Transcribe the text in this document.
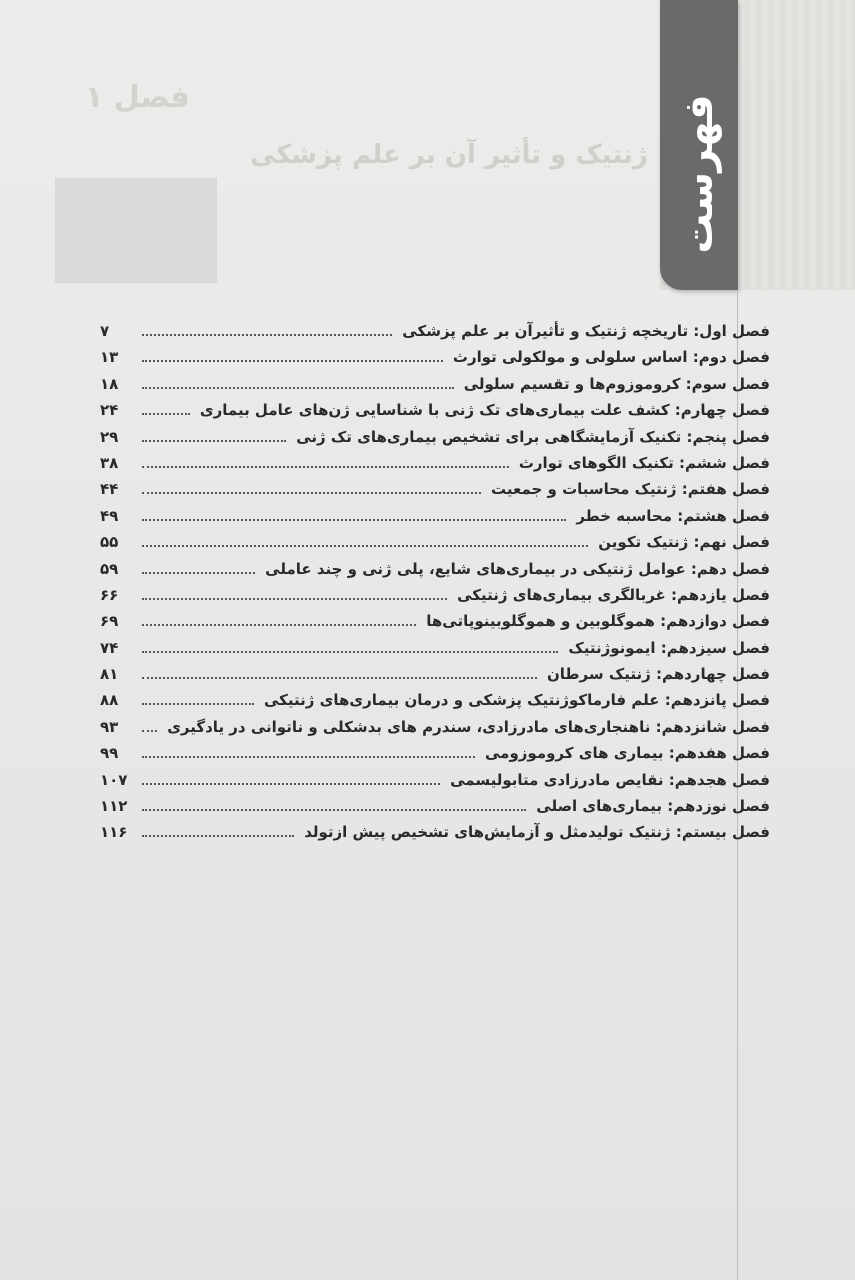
فصل ۱
ژنتیک و تأثیر آن بر علم پزشکی فهرست
فصل اول: تاریخچه ژنتیک و تأثیرآن بر علم پزشکی
۷
فصل دوم: اساس سلولی و مولکولی توارث
۱۳
فصل سوم: کروموزوم‌ها و تقسیم سلولی
۱۸
فصل چهارم: کشف علت بیماری‌های تک ژنی با شناسایی ژن‌های عامل بیماری
۲۴
فصل پنجم: تکنیک آزمایشگاهی برای تشخیص بیماری‌های تک ژنی
۲۹
فصل ششم: تکنیک الگوهای توارث
۳۸
فصل هفتم: ژنتیک محاسبات و جمعیت
۴۴
فصل هشتم: محاسبه خطر
۴۹
فصل نهم: ژنتیک تکوین
۵۵
فصل دهم: عوامل ژنتیکی در بیماری‌های شایع، پلی ژنی و چند عاملی
۵۹
فصل یازدهم: غربالگری بیماری‌های ژنتیکی
۶۶
فصل دوازدهم: هموگلوبین و هموگلوبینوپاتی‌ها
۶۹
فصل سیزدهم: ایمونوژنتیک
۷۴
فصل چهاردهم: ژنتیک سرطان
۸۱
فصل پانزدهم: علم فارماکوژنتیک پزشکی و درمان بیماری‌های ژنتیکی
۸۸
فصل شانزدهم: ناهنجاری‌های مادرزادی، سندرم های بدشکلی و ناتوانی در یادگیری
۹۳
فصل هفدهم: بیماری های کروموزومی
۹۹
فصل هجدهم: نقایص مادرزادی متابولیسمی
۱۰۷
فصل نوزدهم: بیماری‌های اصلی
۱۱۲
فصل بیستم: ژنتیک تولیدمثل و آزمایش‌های تشخیص پیش ازتولد
۱۱۶
